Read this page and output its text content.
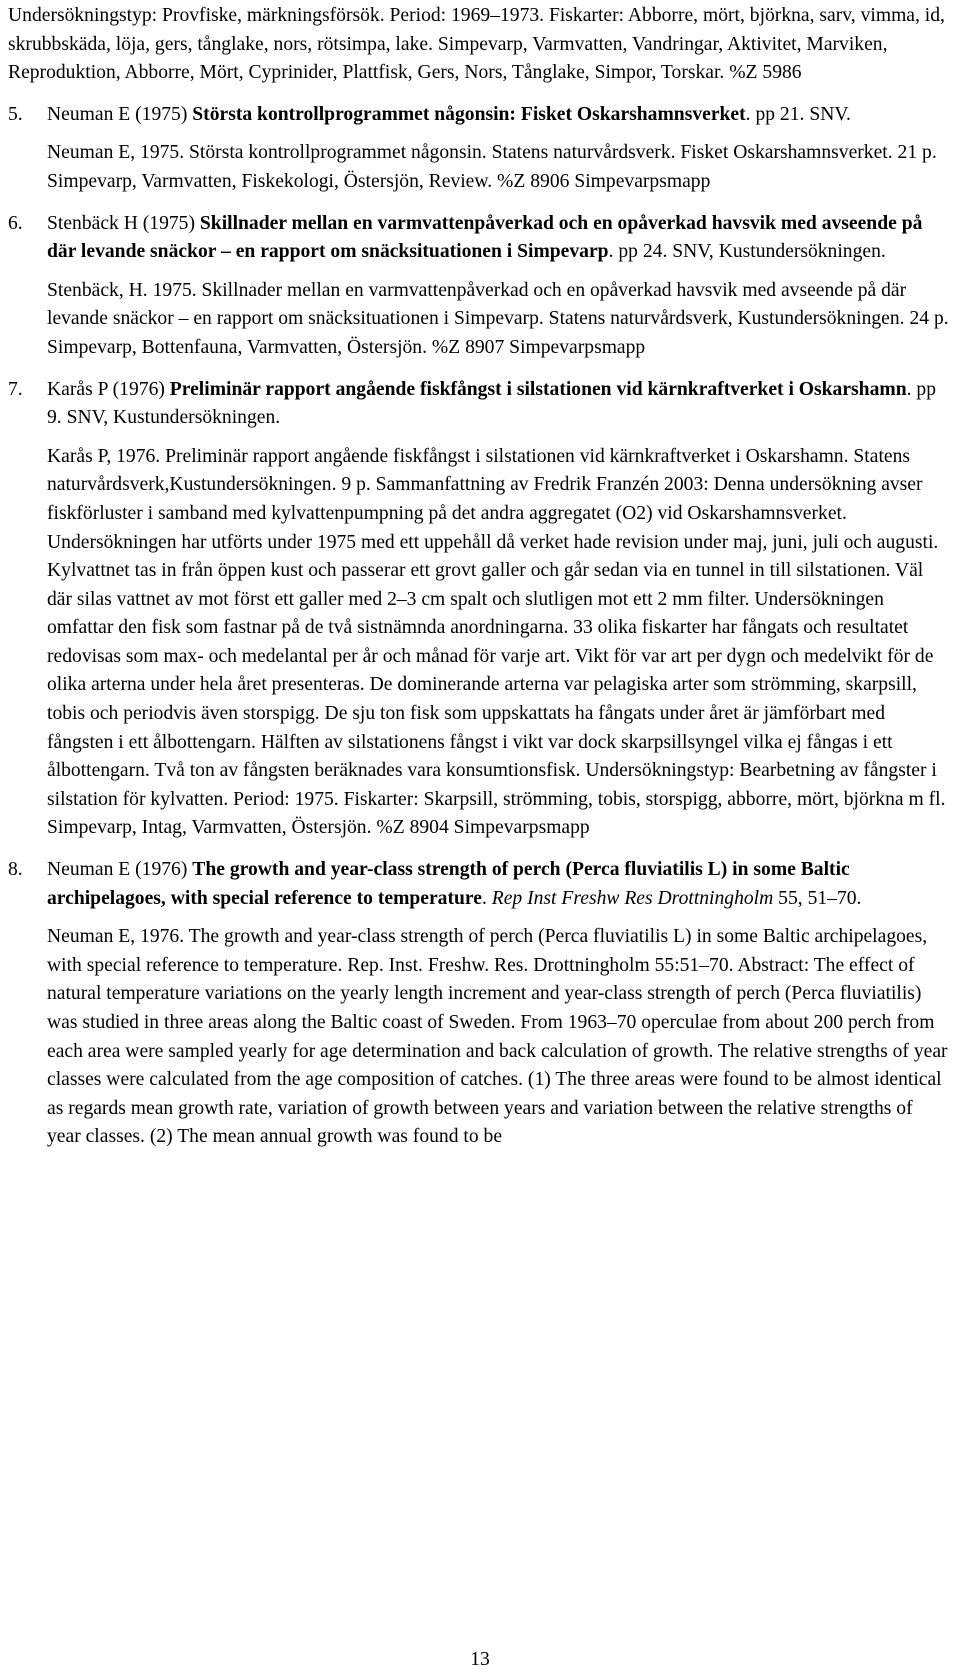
Undersökningstyp: Provfiske, märkningsförsök. Period: 1969–1973. Fiskarter: Abborre, mört, björkna, sarv, vimma, id, skrubbskäda, löja, gers, tånglake, nors, rötsimpa, lake. Simpevarp, Varmvatten, Vandringar, Aktivitet, Marviken, Reproduktion, Abborre, Mört, Cyprinider, Plattfisk, Gers, Nors, Tånglake, Simpor, Torskar. %Z 5986

5. Neuman E (1975) Största kontrollprogrammet någonsin: Fisket Oskarshamnsverket. pp 21. SNV.

Neuman E, 1975. Största kontrollprogrammet någonsin. Statens naturvårdsverk. Fisket Oskarshamnsverket. 21 p. Simpevarp, Varmvatten, Fiskekologi, Östersjön, Review. %Z 8906 Simpevarpsmapp

6. Stenbäck H (1975) Skillnader mellan en varmvattenpåverkad och en opåverkad havsvik med avseende på där levande snäckor – en rapport om snäcksituationen i Simpevarp. pp 24. SNV, Kustundersökningen.

Stenbäck, H. 1975. Skillnader mellan en varmvattenpåverkad och en opåverkad havsvik med avseende på där levande snäckor – en rapport om snäcksituationen i Simpevarp. Statens naturvårdsverk, Kustundersökningen. 24 p. Simpevarp, Bottenfauna, Varmvatten, Östersjön. %Z 8907 Simpevarpsmapp

7. Karås P (1976) Preliminär rapport angående fiskfångst i silstationen vid kärnkraftverket i Oskarshamn. pp 9. SNV, Kustundersökningen.

Karås P, 1976. Preliminär rapport angående fiskfångst i silstationen vid kärnkraftverket i Oskarshamn. Statens naturvårdsverk,Kustundersökningen. 9 p. Sammanfattning av Fredrik Franzén 2003: Denna undersökning avser fiskförluster i samband med kylvattenpumpning på det andra aggregatet (O2) vid Oskarshamnsverket. Undersökningen har utförts under 1975 med ett uppehåll då verket hade revision under maj, juni, juli och augusti. Kylvattnet tas in från öppen kust och passerar ett grovt galler och går sedan via en tunnel in till silstationen. Väl där silas vattnet av mot först ett galler med 2–3 cm spalt och slutligen mot ett 2 mm filter. Undersökningen omfattar den fisk som fastnar på de två sistnämnda anordningarna. 33 olika fiskarter har fångats och resultatet redovisas som max- och medelantal per år och månad för varje art. Vikt för var art per dygn och medelvikt för de olika arterna under hela året presenteras. De dominerande arterna var pelagiska arter som strömming, skarpsill, tobis och periodvis även storspigg. De sju ton fisk som uppskattats ha fångats under året är jämförbart med fångsten i ett ålbottengarn. Hälften av silstationens fångst i vikt var dock skarpsillsyngel vilka ej fångas i ett ålbottengarn. Två ton av fångsten beräknades vara konsumtionsfisk. Undersökningstyp: Bearbetning av fångster i silstation för kylvatten. Period: 1975. Fiskarter: Skarpsill, strömming, tobis, storspigg, abborre, mört, björkna m fl. Simpevarp, Intag, Varmvatten, Östersjön. %Z 8904 Simpevarpsmapp

8. Neuman E (1976) The growth and year-class strength of perch (Perca fluviatilis L) in some Baltic archipelagoes, with special reference to temperature. Rep Inst Freshw Res Drottningholm 55, 51–70.

Neuman E, 1976. The growth and year-class strength of perch (Perca fluviatilis L) in some Baltic archipelagoes, with special reference to temperature. Rep. Inst. Freshw. Res. Drottningholm 55:51–70. Abstract: The effect of natural temperature variations on the yearly length increment and year-class strength of perch (Perca fluviatilis) was studied in three areas along the Baltic coast of Sweden. From 1963–70 operculae from about 200 perch from each area were sampled yearly for age determination and back calculation of growth. The relative strengths of year classes were calculated from the age composition of catches. (1) The three areas were found to be almost identical as regards mean growth rate, variation of growth between years and variation between the relative strengths of year classes. (2) The mean annual growth was found to be

13
